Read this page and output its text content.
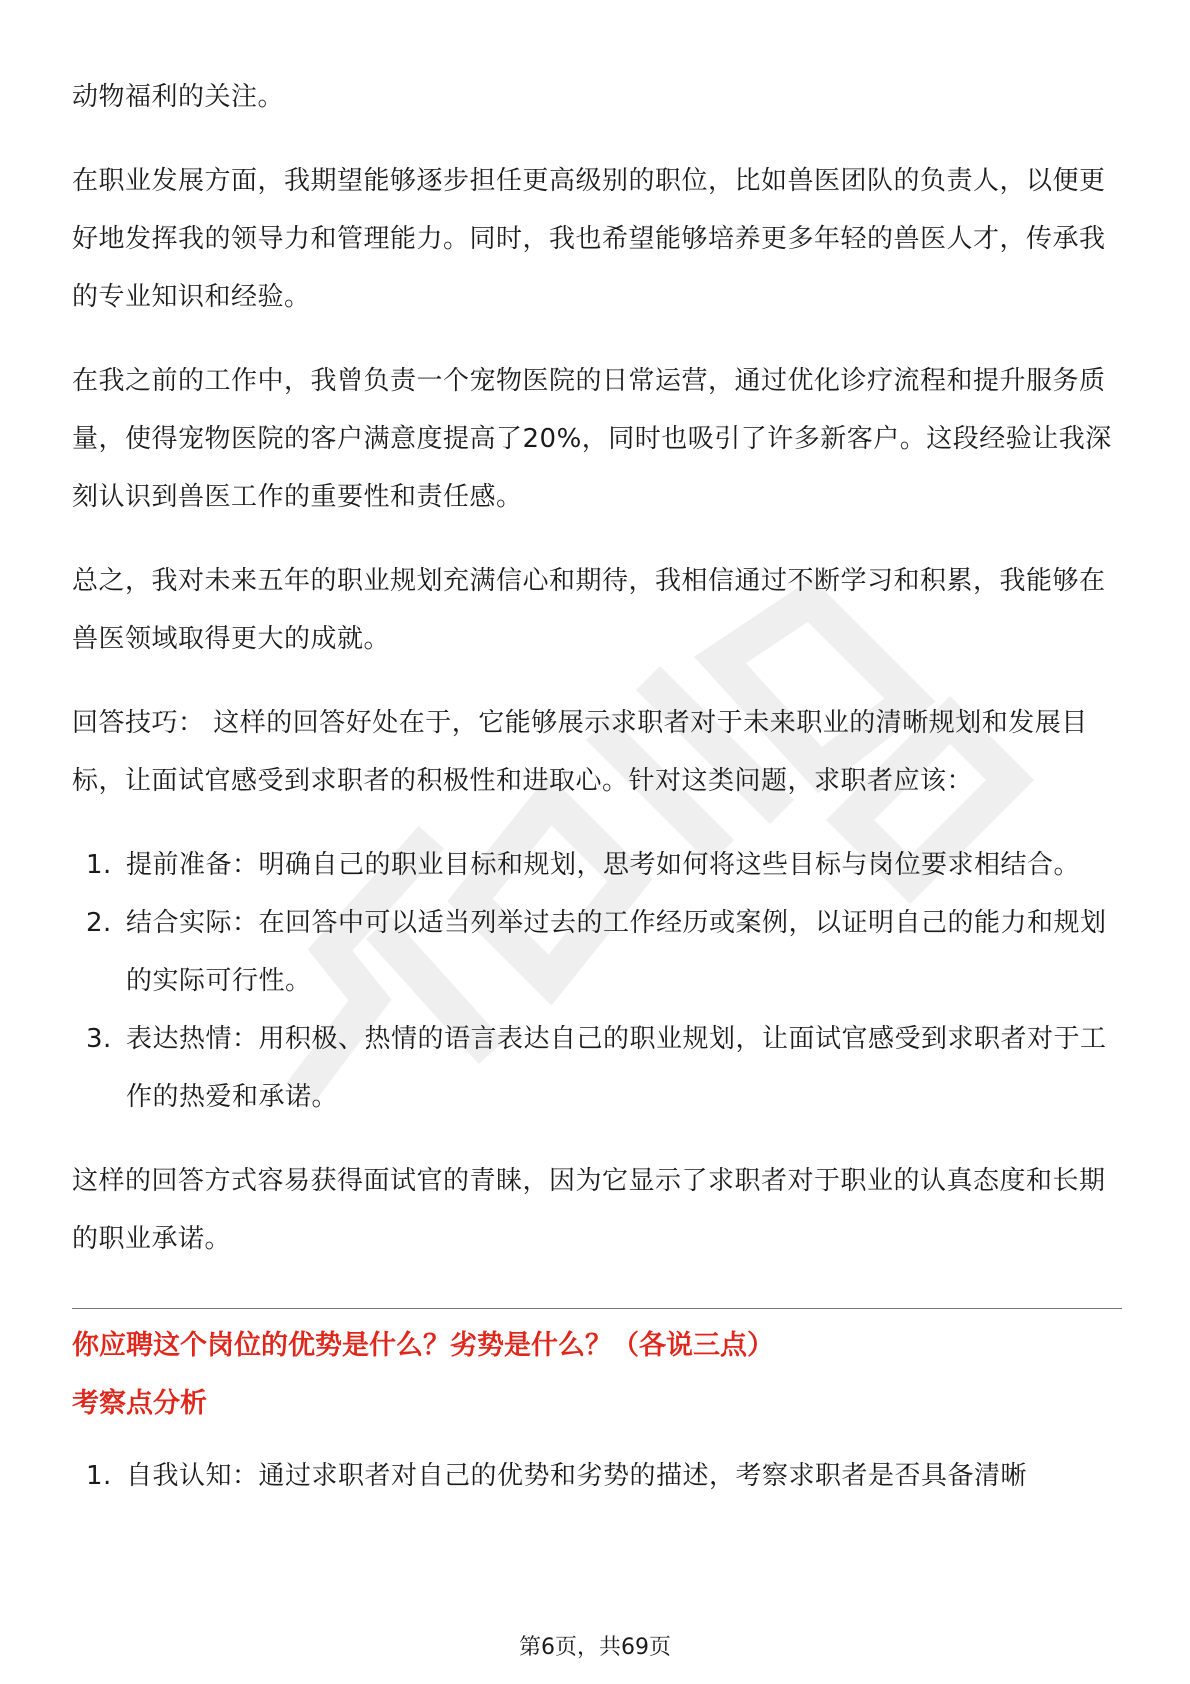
动物福利的关注。

在职业发展方面，我期望能够逐步担任更高级别的职位，比如兽医团队的负责人，以便更好地发挥我的领导力和管理能力。同时，我也希望能够培养更多年轻的兽医人才，传承我的专业知识和经验。

在我之前的工作中，我曾负责一个宠物医院的日常运营，通过优化诊疗流程和提升服务质量，使得宠物医院的客户满意度提高了20%，同时也吸引了许多新客户。这段经验让我深刻认识到兽医工作的重要性和责任感。

总之，我对未来五年的职业规划充满信心和期待，我相信通过不断学习和积累，我能够在兽医领域取得更大的成就。

回答技巧： 这样的回答好处在于，它能够展示求职者对于未来职业的清晰规划和发展目标，让面试官感受到求职者的积极性和进取心。针对这类问题，求职者应该：

1. 提前准备：明确自己的职业目标和规划，思考如何将这些目标与岗位要求相结合。
2. 结合实际：在回答中可以适当列举过去的工作经历或案例，以证明自己的能力和规划的实际可行性。
3. 表达热情：用积极、热情的语言表达自己的职业规划，让面试官感受到求职者对于工作的热爱和承诺。

这样的回答方式容易获得面试官的青睐，因为它显示了求职者对于职业的认真态度和长期的职业承诺。

你应聘这个岗位的优势是什么？劣势是什么？（各说三点）

考察点分析

1. 自我认知：通过求职者对自己的优势和劣势的描述，考察求职者是否具备清晰
第6页，共69页
